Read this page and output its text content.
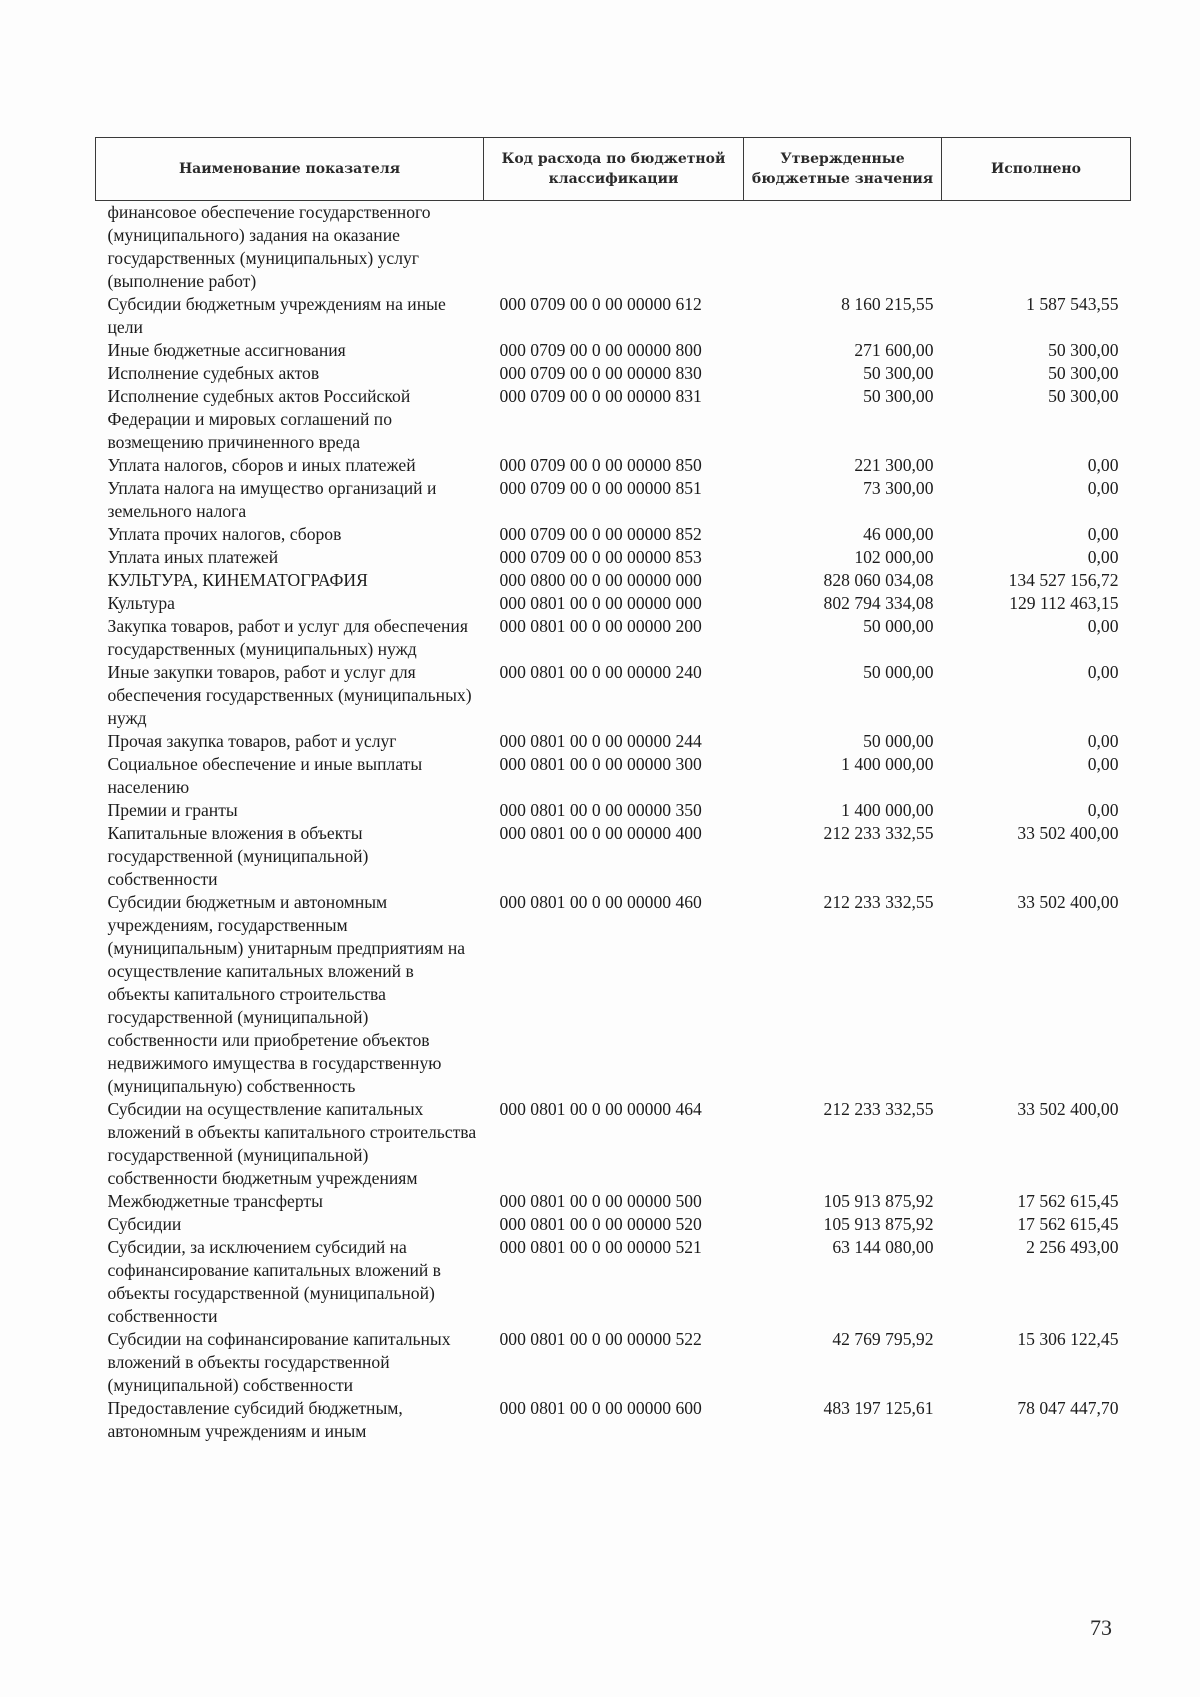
Наименование показателя	Код расхода по бюджетной классификации	Утвержденные бюджетные значения	Исполнено
финансовое обеспечение государственного (муниципального) задания на оказание государственных (муниципальных) услуг (выполнение работ)			
Субсидии бюджетным учреждениям на иные цели	000 0709 00 0 00 00000 612	8 160 215,55	1 587 543,55
Иные бюджетные ассигнования	000 0709 00 0 00 00000 800	271 600,00	50 300,00
Исполнение судебных актов	000 0709 00 0 00 00000 830	50 300,00	50 300,00
Исполнение судебных актов Российской Федерации и мировых соглашений по возмещению причиненного вреда	000 0709 00 0 00 00000 831	50 300,00	50 300,00
Уплата налогов, сборов и иных платежей	000 0709 00 0 00 00000 850	221 300,00	0,00
Уплата налога на имущество организаций и земельного налога	000 0709 00 0 00 00000 851	73 300,00	0,00
Уплата прочих налогов, сборов	000 0709 00 0 00 00000 852	46 000,00	0,00
Уплата иных платежей	000 0709 00 0 00 00000 853	102 000,00	0,00
КУЛЬТУРА, КИНЕМАТОГРАФИЯ	000 0800 00 0 00 00000 000	828 060 034,08	134 527 156,72
Культура	000 0801 00 0 00 00000 000	802 794 334,08	129 112 463,15
Закупка товаров, работ и услуг для обеспечения государственных (муниципальных) нужд	000 0801 00 0 00 00000 200	50 000,00	0,00
Иные закупки товаров, работ и услуг для обеспечения государственных (муниципальных) нужд	000 0801 00 0 00 00000 240	50 000,00	0,00
Прочая закупка товаров, работ и услуг	000 0801 00 0 00 00000 244	50 000,00	0,00
Социальное обеспечение и иные выплаты населению	000 0801 00 0 00 00000 300	1 400 000,00	0,00
Премии и гранты	000 0801 00 0 00 00000 350	1 400 000,00	0,00
Капитальные вложения в объекты государственной (муниципальной) собственности	000 0801 00 0 00 00000 400	212 233 332,55	33 502 400,00
Субсидии бюджетным и автономным учреждениям, государственным (муниципальным) унитарным предприятиям на осуществление капитальных вложений в объекты капитального строительства государственной (муниципальной) собственности или приобретение объектов недвижимого имущества в государственную (муниципальную) собственность	000 0801 00 0 00 00000 460	212 233 332,55	33 502 400,00
Субсидии на осуществление капитальных вложений в объекты капитального строительства государственной (муниципальной) собственности бюджетным учреждениям	000 0801 00 0 00 00000 464	212 233 332,55	33 502 400,00
Межбюджетные трансферты	000 0801 00 0 00 00000 500	105 913 875,92	17 562 615,45
Субсидии	000 0801 00 0 00 00000 520	105 913 875,92	17 562 615,45
Субсидии, за исключением субсидий на софинансирование капитальных вложений в объекты государственной (муниципальной) собственности	000 0801 00 0 00 00000 521	63 144 080,00	2 256 493,00
Субсидии на софинансирование капитальных вложений в объекты государственной (муниципальной) собственности	000 0801 00 0 00 00000 522	42 769 795,92	15 306 122,45
Предоставление субсидий бюджетным, автономным учреждениям и иным	000 0801 00 0 00 00000 600	483 197 125,61	78 047 447,70
73
